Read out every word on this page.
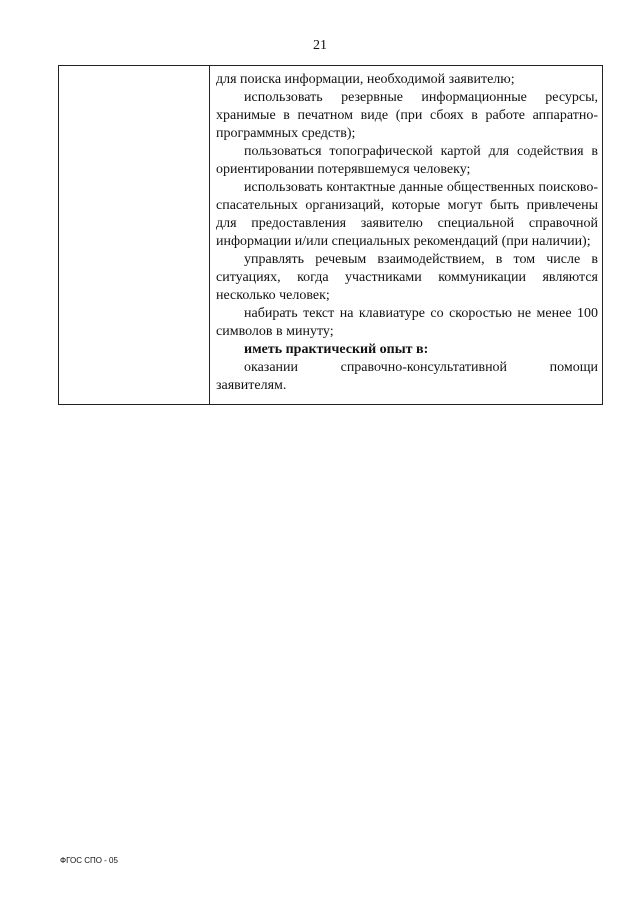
21

для поиска информации, необходимой заявителю;

использовать резервные информационные ресурсы, хранимые в печатном виде (при сбоях в работе аппаратно-программных средств);

пользоваться топографической картой для содействия в ориентировании потерявшемуся человеку;

использовать контактные данные общественных поисково-спасательных организаций, которые могут быть привлечены для предоставления заявителю специальной справочной информации и/или специальных рекомендаций (при наличии);

управлять речевым взаимодействием, в том числе в ситуациях, когда участниками коммуникации являются несколько человек;

набирать текст на клавиатуре со скоростью не менее 100 символов в минуту;

иметь практический опыт в:

оказании справочно-консультативной помощи

заявителям.

ФГОС СПО - 05
